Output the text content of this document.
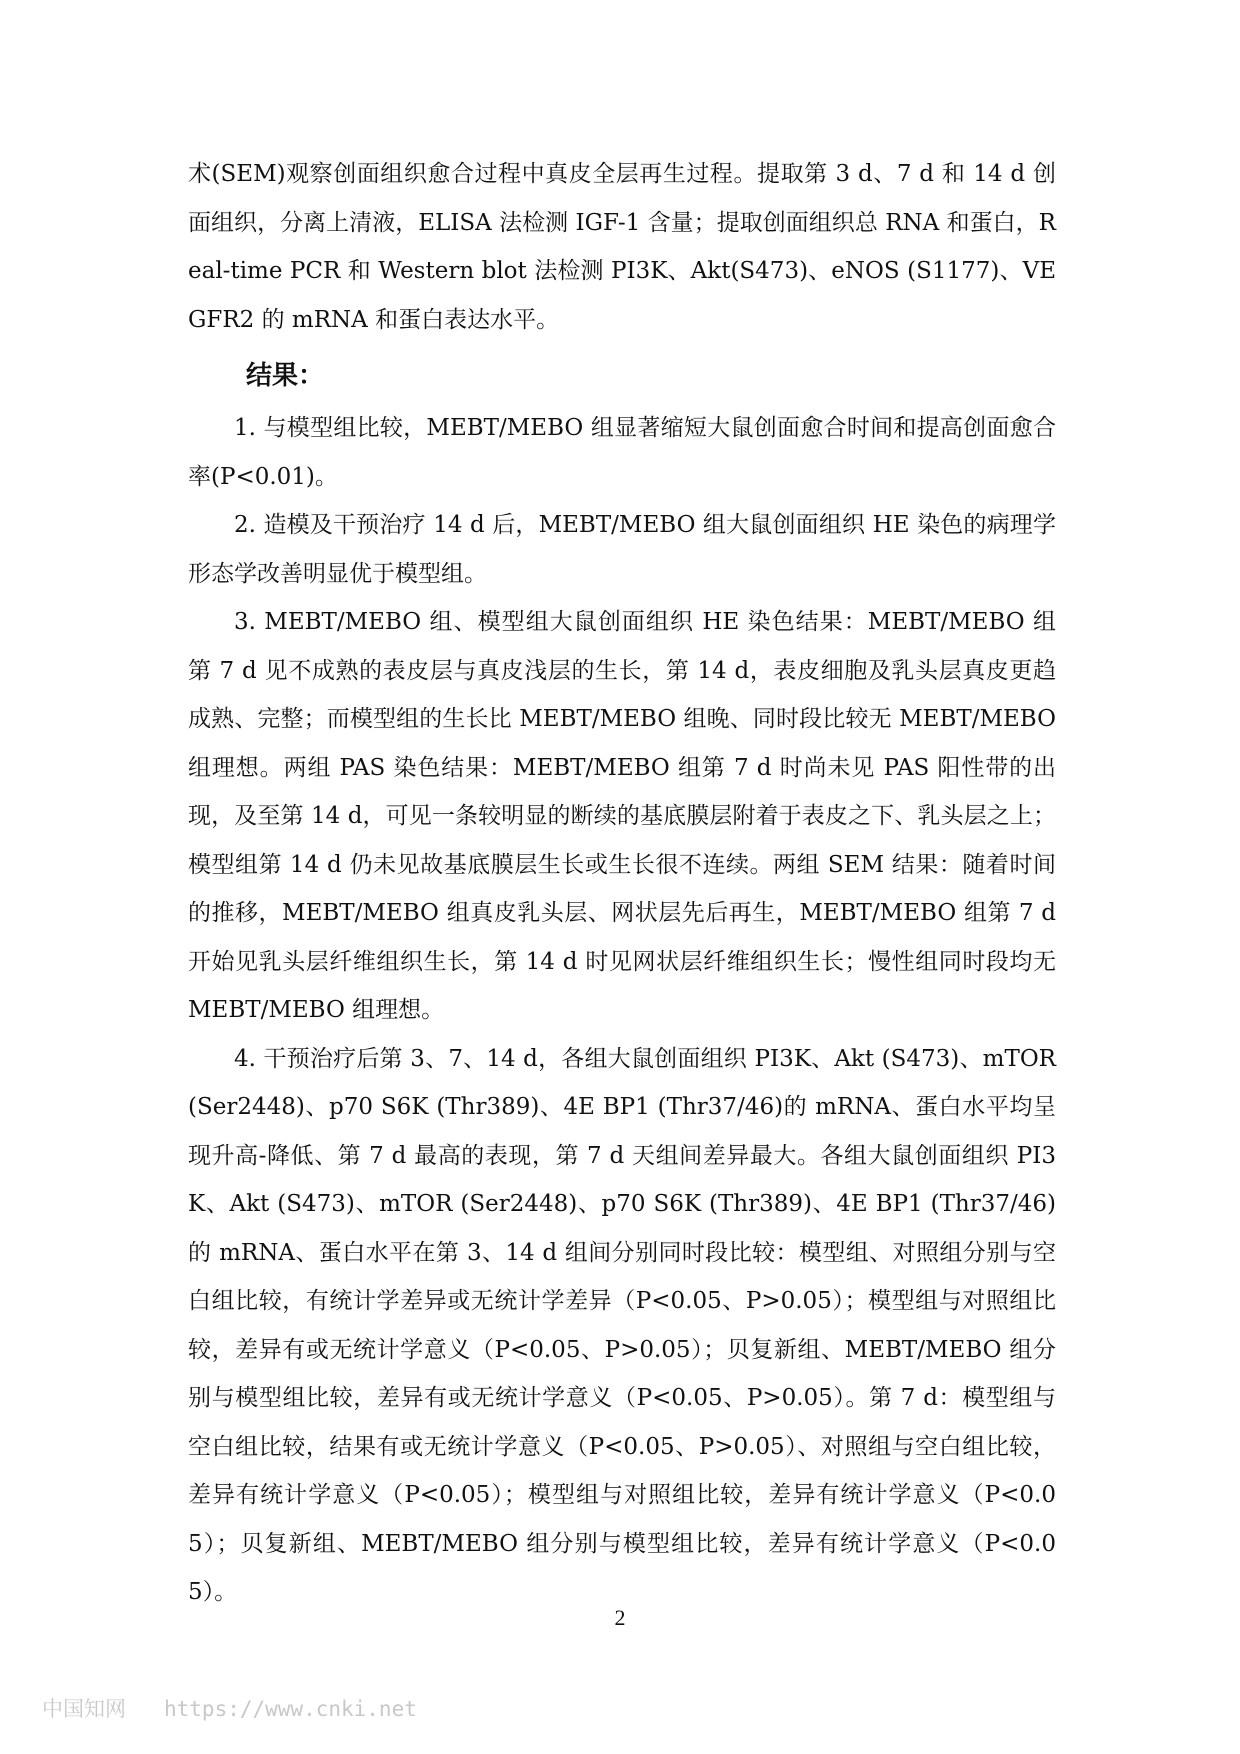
术(SEM)观察创面组织愈合过程中真皮全层再生过程。提取第 3 d、7 d 和 14 d 创面组织，分离上清液，ELISA 法检测 IGF-1 含量；提取创面组织总 RNA 和蛋白，Real-time PCR 和 Western blot 法检测 PI3K、Akt(S473)、eNOS (S1177)、VEGFR2 的 mRNA 和蛋白表达水平。

结果：

1. 与模型组比较，MEBT/MEBO 组显著缩短大鼠创面愈合时间和提高创面愈合率(P<0.01)。

2. 造模及干预治疗 14 d 后，MEBT/MEBO 组大鼠创面组织 HE 染色的病理学形态学改善明显优于模型组。

3. MEBT/MEBO 组、模型组大鼠创面组织 HE 染色结果：MEBT/MEBO 组第 7 d 见不成熟的表皮层与真皮浅层的生长，第 14 d，表皮细胞及乳头层真皮更趋成熟、完整；而模型组的生长比 MEBT/MEBO 组晚、同时段比较无 MEBT/MEBO 组理想。两组 PAS 染色结果：MEBT/MEBO 组第 7 d 时尚未见 PAS 阳性带的出现，及至第 14 d，可见一条较明显的断续的基底膜层附着于表皮之下、乳头层之上；模型组第 14 d 仍未见故基底膜层生长或生长很不连续。两组 SEM 结果：随着时间的推移，MEBT/MEBO 组真皮乳头层、网状层先后再生，MEBT/MEBO 组第 7 d 开始见乳头层纤维组织生长，第 14 d 时见网状层纤维组织生长；慢性组同时段均无 MEBT/MEBO 组理想。

4. 干预治疗后第 3、7、14 d，各组大鼠创面组织 PI3K、Akt (S473)、mTOR (Ser2448)、p70 S6K (Thr389)、4E BP1 (Thr37/46)的 mRNA、蛋白水平均呈现升高-降低、第 7 d 最高的表现，第 7 d 天组间差异最大。各组大鼠创面组织 PI3K、Akt (S473)、mTOR (Ser2448)、p70 S6K (Thr389)、4E BP1 (Thr37/46)的 mRNA、蛋白水平在第 3、14 d 组间分别同时段比较：模型组、对照组分别与空白组比较，有统计学差异或无统计学差异（P<0.05、P>0.05）；模型组与对照组比较，差异有或无统计学意义（P<0.05、P>0.05）；贝复新组、MEBT/MEBO 组分别与模型组比较，差异有或无统计学意义（P<0.05、P>0.05）。第 7 d：模型组与空白组比较，结果有或无统计学意义（P<0.05、P>0.05）、对照组与空白组比较，差异有统计学意义（P<0.05）；模型组与对照组比较，差异有统计学意义（P<0.05）；贝复新组、MEBT/MEBO 组分别与模型组比较，差异有统计学意义（P<0.05）。

2
中国知网 https://www.cnki.net
